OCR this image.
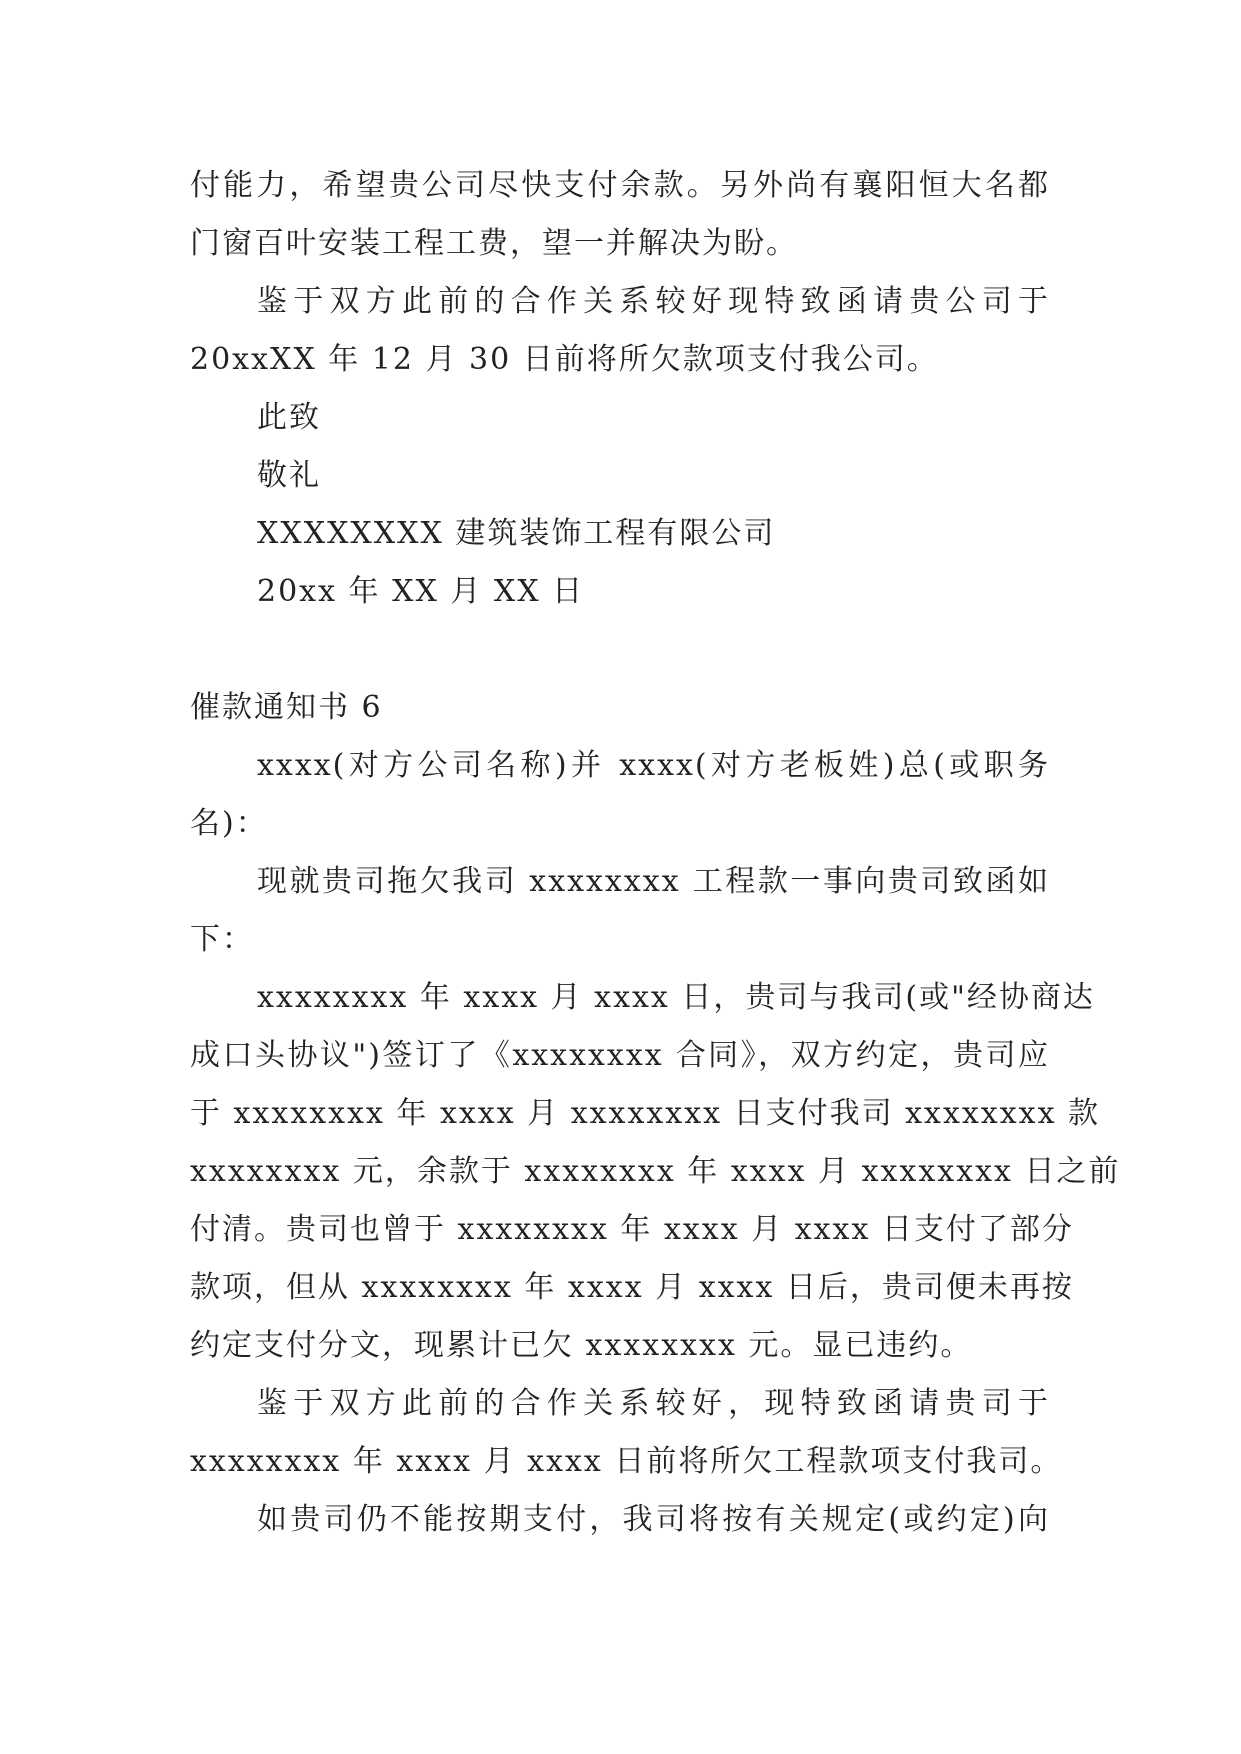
付能力，希望贵公司尽快支付余款。另外尚有襄阳恒大名都
门窗百叶安装工程工费，望一并解决为盼。
鉴于双方此前的合作关系较好现特致函请贵公司于
20xxXX 年 12 月 30 日前将所欠款项支付我公司。
此致
敬礼
XXXXXXXX 建筑装饰工程有限公司
20xx 年 XX 月 XX 日
催款通知书 6
xxxx(对方公司名称)并 xxxx(对方老板姓)总(或职务
名)：
现就贵司拖欠我司 xxxxxxxx 工程款一事向贵司致函如
下：
xxxxxxxx 年 xxxx 月 xxxx 日，贵司与我司(或"经协商达
成口头协议")签订了《xxxxxxxx 合同》，双方约定，贵司应
于 xxxxxxxx 年 xxxx 月 xxxxxxxx 日支付我司 xxxxxxxx 款
xxxxxxxx 元，余款于 xxxxxxxx 年 xxxx 月 xxxxxxxx 日之前
付清。贵司也曾于 xxxxxxxx 年 xxxx 月 xxxx 日支付了部分
款项，但从 xxxxxxxx 年 xxxx 月 xxxx 日后，贵司便未再按
约定支付分文，现累计已欠 xxxxxxxx 元。显已违约。
鉴于双方此前的合作关系较好，现特致函请贵司于
xxxxxxxx 年 xxxx 月 xxxx 日前将所欠工程款项支付我司。
如贵司仍不能按期支付，我司将按有关规定(或约定)向
